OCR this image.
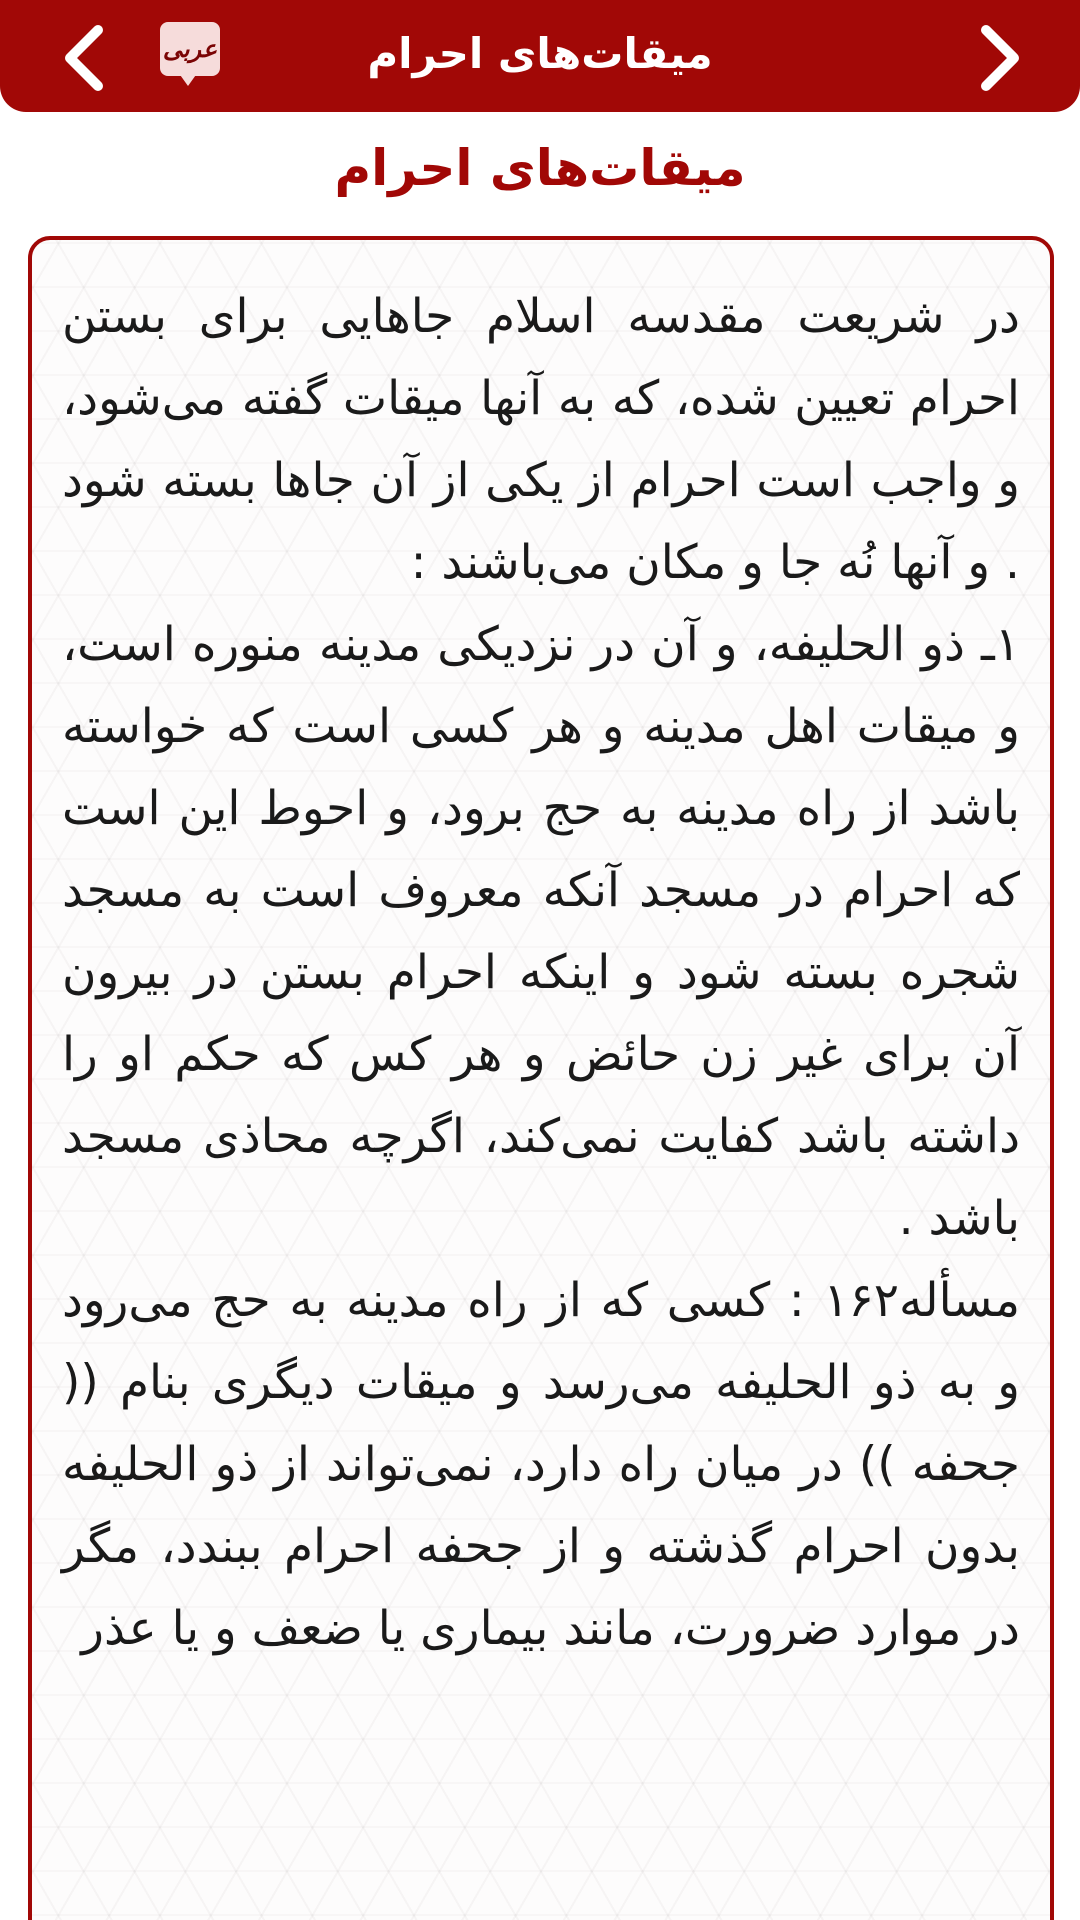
میقات‌های احرام
عربی
میقات‌های احرام

در شریعت مقدسه اسلام جاهایی برای بستن احرام تعیین شده، که به آنها میقات گفته می‌شود، و واجب است احرام از یکی از آن جاها بسته شود . و آنها نُه جا و مکان می‌باشند :

۱ـ ذو الحلیفه، و آن در نزدیکی مدینه منوره است، و میقات اهل مدینه و هر کسی است که خواسته باشد از راه مدینه به حج برود، و احوط این است که احرام در مسجد آنکه معروف است به مسجد شجره بسته شود و اینکه احرام بستن در بیرون آن برای غیر زن حائض و هر کس که حکم او را داشته باشد کفایت نمی‌کند، اگرچه محاذی مسجد باشد .

مسأله۱۶۲ : کسی که از راه مدینه به حج می‌رود و به ذو الحلیفه می‌رسد و میقات دیگری بنام (( جحفه )) در میان راه دارد، نمی‌تواند از ذو الحلیفه بدون احرام گذشته و از جحفه احرام ببندد، مگر در موارد ضرورت، مانند بیماری یا ضعف و یا عذر
